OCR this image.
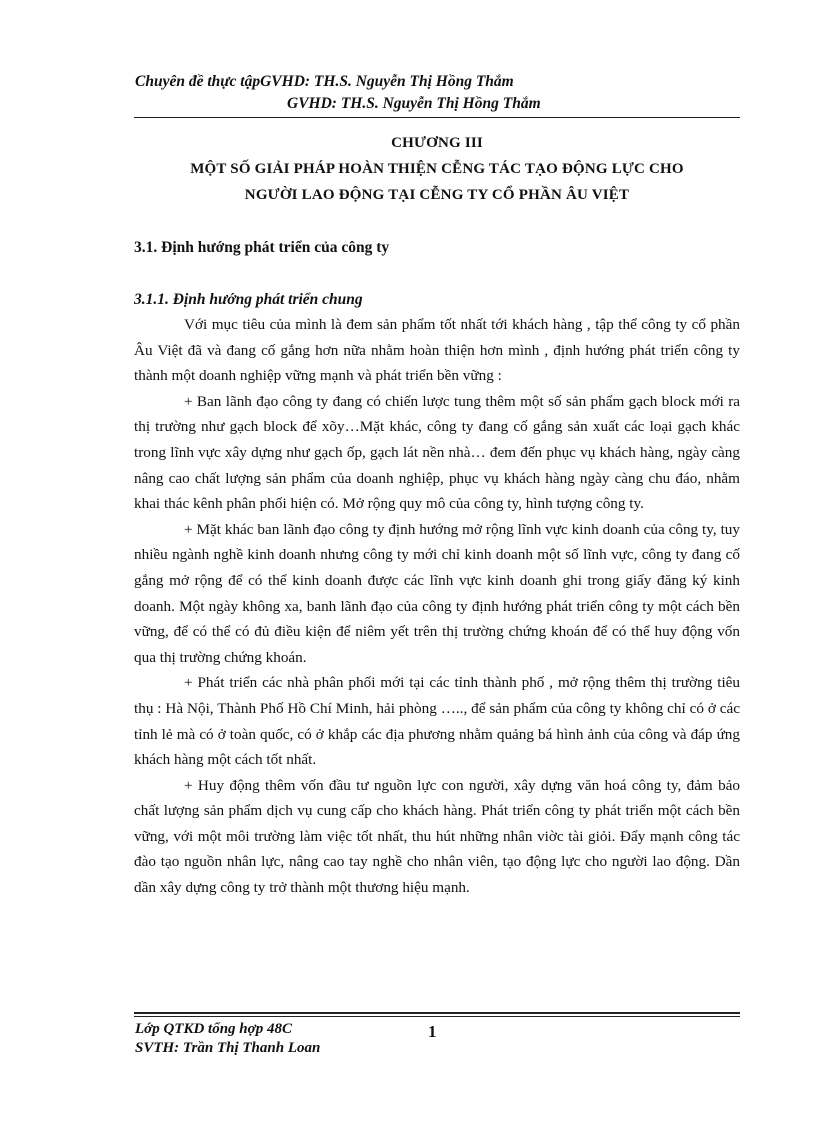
Chuyên đề thực tậpGVHD: TH.S. Nguyễn Thị Hồng Thắm
GVHD: TH.S. Nguyễn Thị Hồng Thắm
CHƯƠNG III
MỘT SỐ GIẢI PHÁP HOÀN THIỆN CỄNG TÁC TẠO ĐỘNG LỰC CHO
NGƯỜI LAO ĐỘNG TẠI CỄNG TY CỔ PHẦN ÂU VIỆT
3.1. Định hướng phát triển của công ty
3.1.1. Định hướng phát triển chung

Với mục tiêu của mình là đem sản phẩm tốt nhất tới khách hàng , tập thể công ty cổ phần Âu Việt đã và đang cố gắng hơn nữa nhằm hoàn thiện hơn mình , định hướng phát triển công ty thành một doanh nghiệp vững mạnh và phát triển bền vững :

+ Ban lãnh đạo công ty đang có chiến lược tung thêm một số sản phẩm gạch block mới ra thị trường như gạch block để xõy…Mặt khác, công ty đang cố gắng sản xuất các loại gạch khác trong lĩnh vực xây dựng như gạch ốp, gạch lát nền nhà… đem đến phục vụ khách hàng, ngày càng nâng cao chất lượng sản phẩm của doanh nghiệp, phục vụ khách hàng ngày càng chu đáo, nhằm khai thác kênh phân phối hiện có. Mở rộng quy mô của công ty, hình tượng công ty.

+ Mặt khác ban lãnh đạo công ty định hướng mở rộng lĩnh vực kinh doanh của công ty, tuy nhiều ngành nghề kinh doanh nhưng công ty mới chỉ kinh doanh một số lĩnh vực, công ty đang cố gắng mở rộng để có thể kinh doanh được các lĩnh vực kinh doanh ghi trong giấy đăng ký kinh doanh. Một ngày không xa, banh lãnh đạo của công ty định hướng phát triển công ty một cách bền vững, để có thể có đủ điều kiện để niêm yết trên thị trường chứng khoán để có thể huy động vốn qua thị trường chứng khoán.

+ Phát triển các nhà phân phối mới tại các tỉnh thành phố , mở rộng thêm thị trường tiêu thụ : Hà Nội, Thành Phố Hồ Chí Minh, hải phòng ….., để sản phẩm của công ty không chỉ có ở các tỉnh lẻ mà có ở toàn quốc, có ở khắp các địa phương nhằm quảng bá hình ảnh của công và đáp ứng khách hàng một cách tốt nhất.

+ Huy động thêm vốn đầu tư nguồn lực con người, xây dựng văn hoá công ty, đảm bảo chất lượng sản phẩm dịch vụ cung cấp cho khách hàng. Phát triển công ty phát triển một cách bền vững, với một môi trường làm việc tốt nhất, thu hút những nhân viờc tài giỏi. Đẩy mạnh công tác đào tạo nguồn nhân lực, nâng cao tay nghề cho nhân viên, tạo động lực cho người lao động. Dần dần xây dựng công ty trở thành một thương hiệu mạnh.

Lớp QTKD tổng hợp 48C
SVTH: Trần Thị Thanh Loan
1
